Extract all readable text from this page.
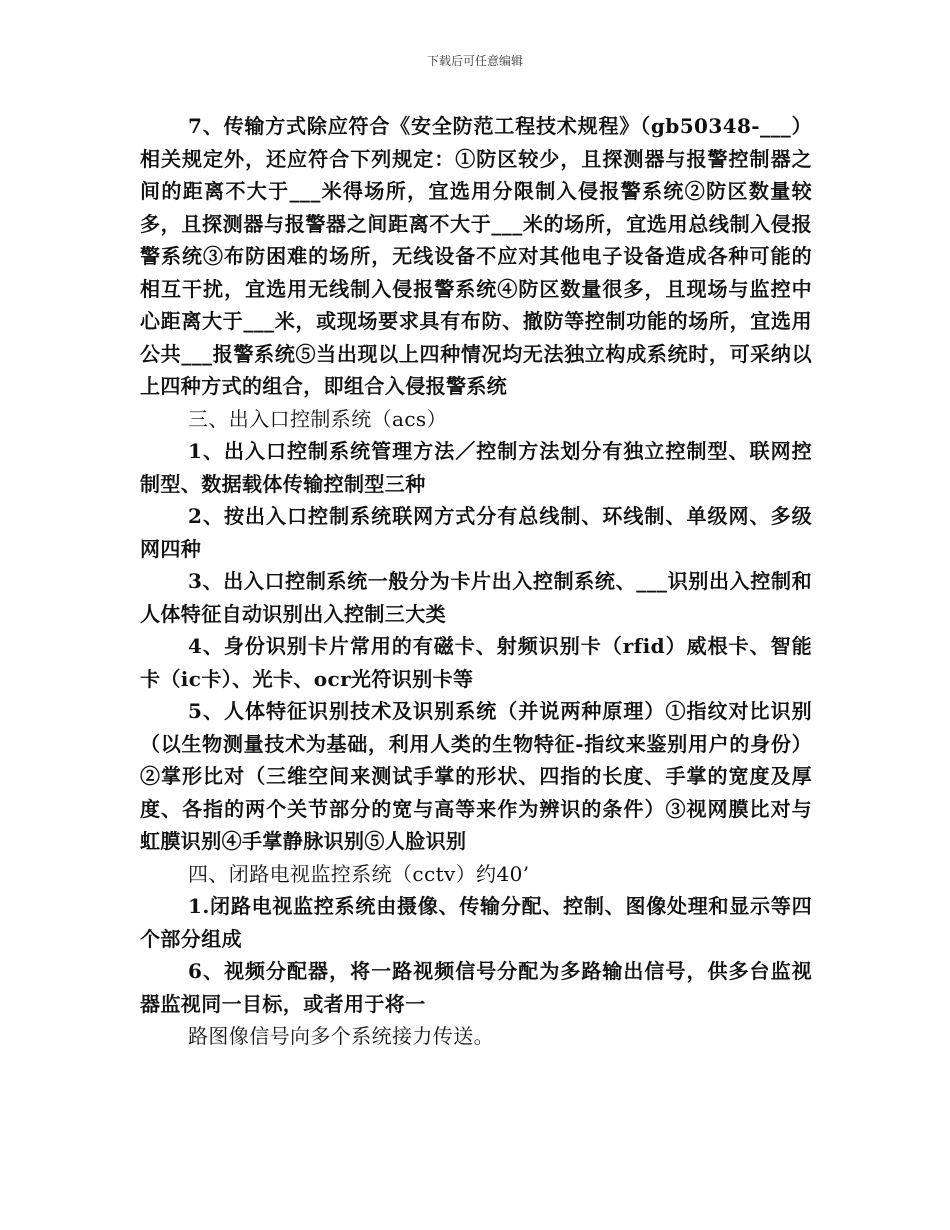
下载后可任意编辑

7、传输方式除应符合《安全防范工程技术规程》（gb50348-___）相关规定外，还应符合下列规定：①防区较少，且探测器与报警控制器之间的距离不大于___米得场所，宜选用分限制入侵报警系统②防区数量较多，且探测器与报警器之间距离不大于___米的场所，宜选用总线制入侵报警系统③布防困难的场所，无线设备不应对其他电子设备造成各种可能的相互干扰，宜选用无线制入侵报警系统④防区数量很多，且现场与监控中心距离大于___米，或现场要求具有布防、撤防等控制功能的场所，宜选用公共___报警系统⑤当出现以上四种情况均无法独立构成系统时，可采纳以上四种方式的组合，即组合入侵报警系统

三、出入口控制系统（acs）

1、出入口控制系统管理方法／控制方法划分有独立控制型、联网控制型、数据载体传输控制型三种

2、按出入口控制系统联网方式分有总线制、环线制、单级网、多级网四种

3、出入口控制系统一般分为卡片出入控制系统、___识别出入控制和人体特征自动识别出入控制三大类

4、身份识别卡片常用的有磁卡、射频识别卡（rfid）威根卡、智能卡（ic卡）、光卡、ocr光符识别卡等

5、人体特征识别技术及识别系统（并说两种原理）①指纹对比识别（以生物测量技术为基础，利用人类的生物特征-指纹来鉴别用户的身份）②掌形比对（三维空间来测试手掌的形状、四指的长度、手掌的宽度及厚度、各指的两个关节部分的宽与高等来作为辨识的条件）③视网膜比对与虹膜识别④手掌静脉识别⑤人脸识别

四、闭路电视监控系统（cctv）约40’

1.闭路电视监控系统由摄像、传输分配、控制、图像处理和显示等四个部分组成

6、视频分配器，将一路视频信号分配为多路输出信号，供多台监视器监视同一目标，或者用于将一

路图像信号向多个系统接力传送。
